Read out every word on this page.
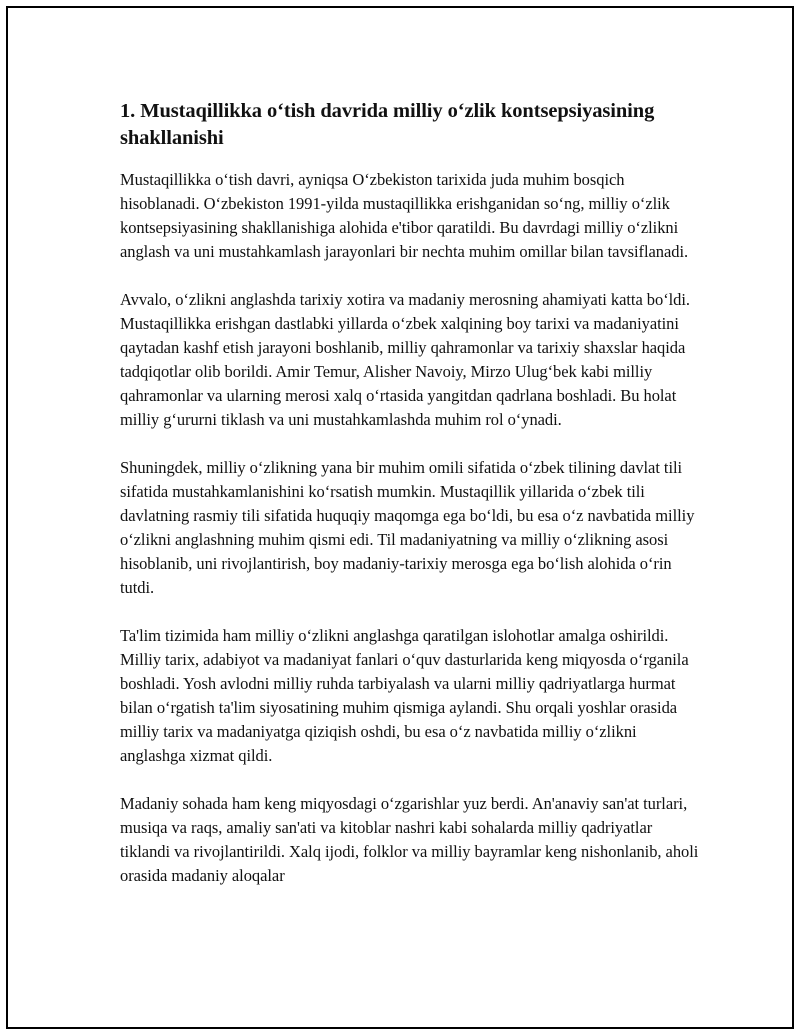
1. Mustaqillikka o‘tish davrida milliy o‘zlik kontsepsiyasining shakllanishi

Mustaqillikka o‘tish davri, ayniqsa O‘zbekiston tarixida juda muhim bosqich hisoblanadi. O‘zbekiston 1991-yilda mustaqillikka erishganidan so‘ng, milliy o‘zlik kontsepsiyasining shakllanishiga alohida e'tibor qaratildi. Bu davrdagi milliy o‘zlikni anglash va uni mustahkamlash jarayonlari bir nechta muhim omillar bilan tavsiflanadi.

Avvalo, o‘zlikni anglashda tarixiy xotira va madaniy merosning ahamiyati katta bo‘ldi. Mustaqillikka erishgan dastlabki yillarda o‘zbek xalqining boy tarixi va madaniyatini qaytadan kashf etish jarayoni boshlanib, milliy qahramonlar va tarixiy shaxslar haqida tadqiqotlar olib borildi. Amir Temur, Alisher Navoiy, Mirzo Ulug‘bek kabi milliy qahramonlar va ularning merosi xalq o‘rtasida yangitdan qadrlana boshladi. Bu holat milliy g‘ururni tiklash va uni mustahkamlashda muhim rol o‘ynadi.

Shuningdek, milliy o‘zlikning yana bir muhim omili sifatida o‘zbek tilining davlat tili sifatida mustahkamlanishini ko‘rsatish mumkin. Mustaqillik yillarida o‘zbek tili davlatning rasmiy tili sifatida huquqiy maqomga ega bo‘ldi, bu esa o‘z navbatida milliy o‘zlikni anglashning muhim qismi edi. Til madaniyatning va milliy o‘zlikning asosi hisoblanib, uni rivojlantirish, boy madaniy-tarixiy merosga ega bo‘lish alohida o‘rin tutdi.

Ta'lim tizimida ham milliy o‘zlikni anglashga qaratilgan islohotlar amalga oshirildi. Milliy tarix, adabiyot va madaniyat fanlari o‘quv dasturlarida keng miqyosda o‘rganila boshladi. Yosh avlodni milliy ruhda tarbiyalash va ularni milliy qadriyatlarga hurmat bilan o‘rgatish ta'lim siyosatining muhim qismiga aylandi. Shu orqali yoshlar orasida milliy tarix va madaniyatga qiziqish oshdi, bu esa o‘z navbatida milliy o‘zlikni anglashga xizmat qildi.

Madaniy sohada ham keng miqyosdagi o‘zgarishlar yuz berdi. An'anaviy san'at turlari, musiqa va raqs, amaliy san'ati va kitoblar nashri kabi sohalarda milliy qadriyatlar tiklandi va rivojlantirildi. Xalq ijodi, folklor va milliy bayramlar keng nishonlanib, aholi orasida madaniy aloqalar
